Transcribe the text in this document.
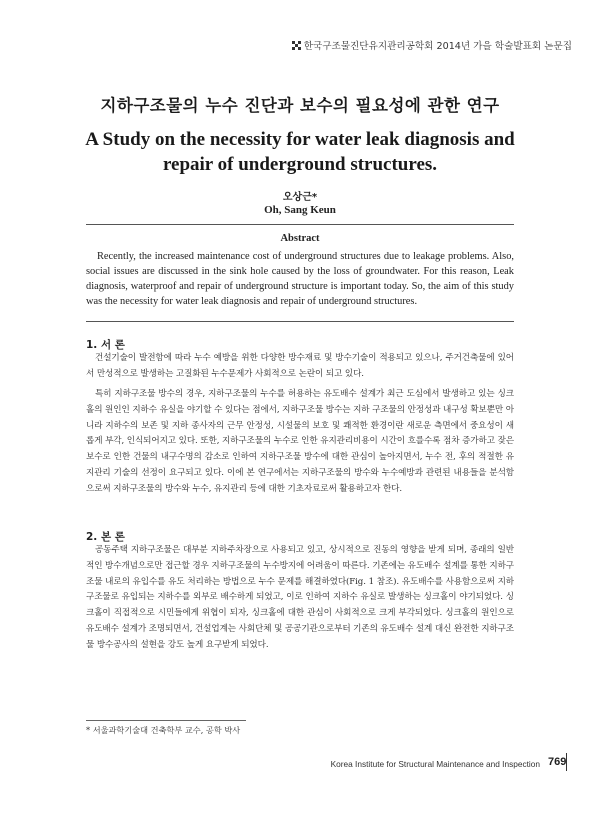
한국구조물진단유지관리공학회 2014년 가을 학술발표회 논문집
지하구조물의 누수 진단과 보수의 필요성에 관한 연구
A Study on the necessity for water leak diagnosis and repair of underground structures.
오상근*
Oh, Sang Keun
Abstract

Recently, the increased maintenance cost of underground structures due to leakage problems. Also, social issues are discussed in the sink hole caused by the loss of groundwater. For this reason, Leak diagnosis, waterproof and repair of underground structure is important today. So, the aim of this study was the necessity for water leak diagnosis and repair of underground structures.

1. 서 론

건설기술이 발전함에 따라 누수 예방을 위한 다양한 방수재료 및 방수기술이 적용되고 있으나, 주거건축물에 있어서 만성적으로 발생하는 고질화된 누수문제가 사회적으로 논란이 되고 있다.

특히 지하구조물 방수의 경우, 지하구조물의 누수를 허용하는 유도배수 설계가 최근 도심에서 발생하고 있는 싱크홀의 원인인 지하수 유실을 야기할 수 있다는 점에서, 지하구조물 방수는 지하 구조물의 안정성과 내구성 확보뿐만 아니라 지하수의 보존 및 지하 종사자의 근무 안정성, 시설물의 보호 및 쾌적한 환경이란 새로운 측면에서 중요성이 새롭게 부각, 인식되어지고 있다. 또한, 지하구조물의 누수로 인한 유지관리비용이 시간이 흐를수록 점차 증가하고 잦은 보수로 인한 건물의 내구수명의 감소로 인하여 지하구조물 방수에 대한 관심이 높아지면서, 누수 전, 후의 적절한 유지관리 기술의 선정이 요구되고 있다. 이에 본 연구에서는 지하구조물의 방수와 누수예방과 관련된 내용들을 분석함으로써 지하구조물의 방수와 누수, 유지관리 등에 대한 기초자료로써 활용하고자 한다.

2. 본 론

공동주택 지하구조물은 대부분 지하주차장으로 사용되고 있고, 상시적으로 진동의 영향을 받게 되며, 종래의 일반적인 방수개념으로만 접근할 경우 지하구조물의 누수방지에 어려움이 따른다. 기존에는 유도배수 설계를 통한 지하구조물 내로의 유입수를 유도 처리하는 방법으로 누수 문제를 해결하였다(Fig. 1 참조). 유도배수를 사용함으로써 지하구조물로 유입되는 지하수를 외부로 배수하게 되었고, 이로 인하여 지하수 유실로 발생하는 싱크홀이 야기되었다. 싱크홀이 직접적으로 시민들에게 위협이 되자, 싱크홀에 대한 관심이 사회적으로 크게 부각되었다. 싱크홀의 원인으로 유도배수 설계가 조명되면서, 건설업계는 사회단체 및 공공기관으로부터 기존의 유도배수 설계 대신 완전한 지하구조물 방수공사의 설현을 강도 높게 요구받게 되었다.

* 서울과학기술대 건축학부 교수, 공학 박사
Korea Institute for Structural Maintenance and Inspection 769
